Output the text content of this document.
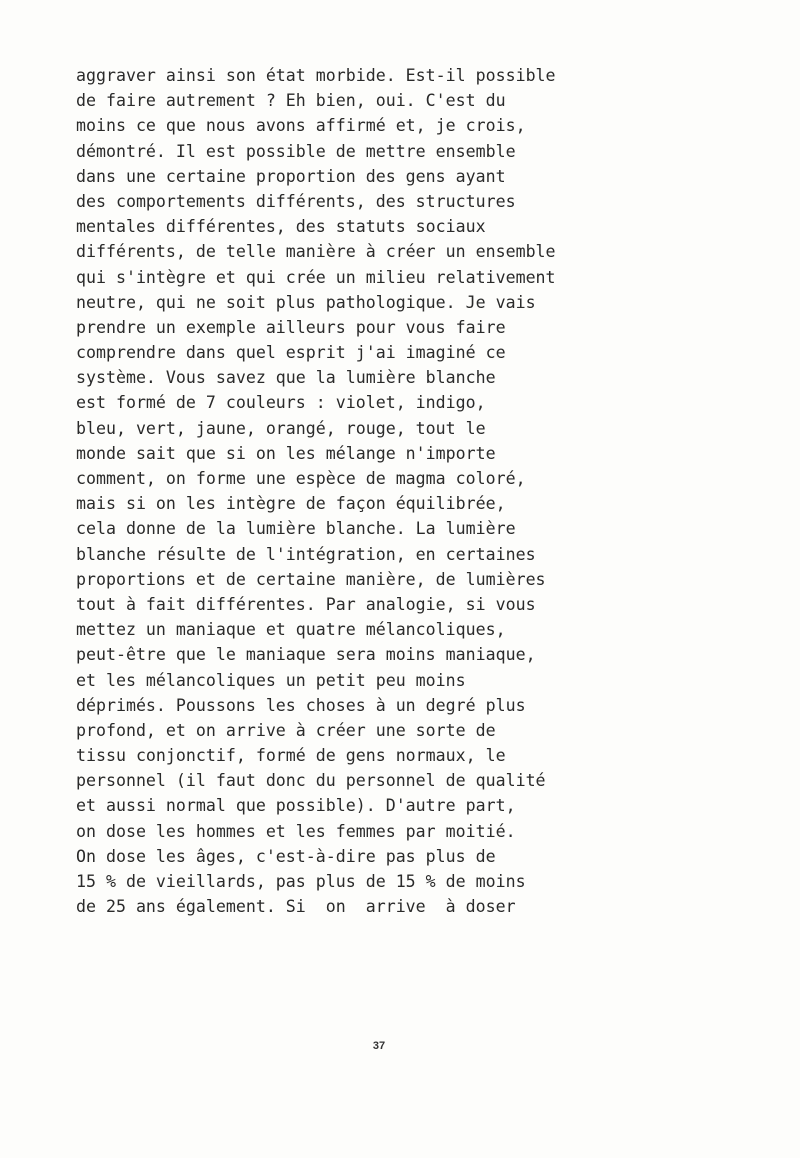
aggraver ainsi son état morbide. Est-il possible
de faire autrement ? Eh bien, oui. C'est du
moins ce que nous avons affirmé et, je crois,
démontré. Il est possible de mettre ensemble
dans une certaine proportion des gens ayant
des comportements différents, des structures
mentales différentes, des statuts sociaux
différents, de telle manière à créer un ensemble
qui s'intègre et qui crée un milieu relativement
neutre, qui ne soit plus pathologique. Je vais
prendre un exemple ailleurs pour vous faire
comprendre dans quel esprit j'ai imaginé ce
système. Vous savez que la lumière blanche
est formé de 7 couleurs : violet, indigo,
bleu, vert, jaune, orangé, rouge, tout le
monde sait que si on les mélange n'importe
comment, on forme une espèce de magma coloré,
mais si on les intègre de façon équilibrée,
cela donne de la lumière blanche. La lumière
blanche résulte de l'intégration, en certaines
proportions et de certaine manière, de lumières
tout à fait différentes. Par analogie, si vous
mettez un maniaque et quatre mélancoliques,
peut-être que le maniaque sera moins maniaque,
et les mélancoliques un petit peu moins
déprimés. Poussons les choses à un degré plus
profond, et on arrive à créer une sorte de
tissu conjonctif, formé de gens normaux, le
personnel (il faut donc du personnel de qualité
et aussi normal que possible). D'autre part,
on dose les hommes et les femmes par moitié.
On dose les âges, c'est-à-dire pas plus de
15 % de vieillards, pas plus de 15 % de moins
de 25 ans également. Si  on  arrive  à doser
37
